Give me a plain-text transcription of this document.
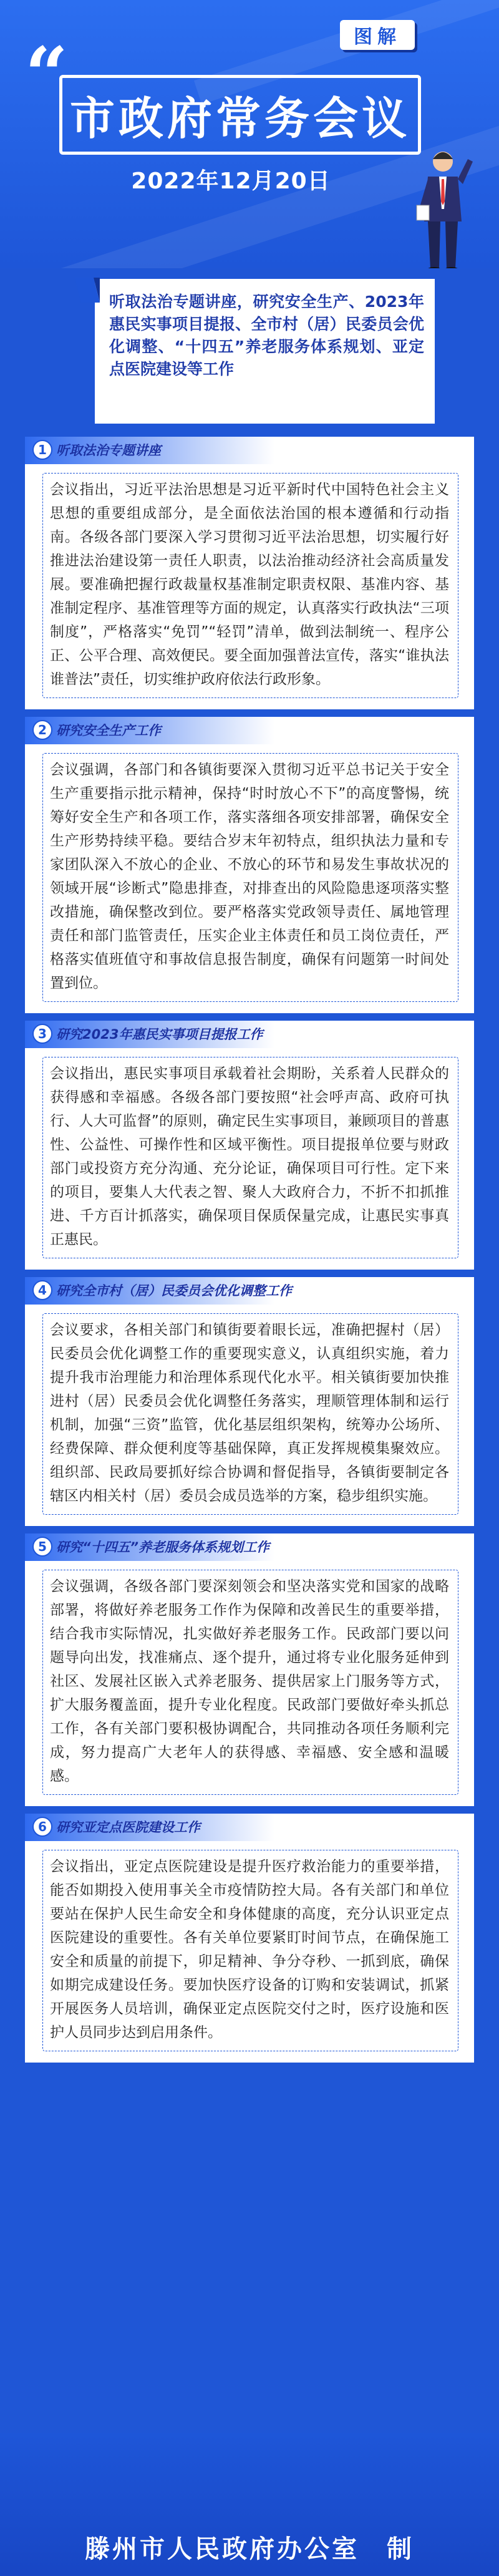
“	图解
市政府常务会议
2022年12月20日
听取法治专题讲座，研究安全生产、2023年惠民实事项目提报、全市村（居）民委员会优化调整、“十四五”养老服务体系规划、亚定点医院建设等工作
1 听取法治专题讲座
会议指出，习近平法治思想是习近平新时代中国特色社会主义思想的重要组成部分，是全面依法治国的根本遵循和行动指南。各级各部门要深入学习贯彻习近平法治思想，切实履行好推进法治建设第一责任人职责，以法治推动经济社会高质量发展。要准确把握行政裁量权基准制定职责权限、基准内容、基准制定程序、基准管理等方面的规定，认真落实行政执法“三项制度”，严格落实“免罚”“轻罚”清单，做到法制统一、程序公正、公平合理、高效便民。要全面加强普法宣传，落实“谁执法谁普法”责任，切实维护政府依法行政形象。
2 研究安全生产工作
会议强调，各部门和各镇街要深入贯彻习近平总书记关于安全生产重要指示批示精神，保持“时时放心不下”的高度警惕，统筹好安全生产和各项工作，落实落细各项安排部署，确保安全生产形势持续平稳。要结合岁末年初特点，组织执法力量和专家团队深入不放心的企业、不放心的环节和易发生事故状况的领域开展“诊断式”隐患排查，对排查出的风险隐患逐项落实整改措施，确保整改到位。要严格落实党政领导责任、属地管理责任和部门监管责任，压实企业主体责任和员工岗位责任，严格落实值班值守和事故信息报告制度，确保有问题第一时间处置到位。
3 研究2023年惠民实事项目提报工作
会议指出，惠民实事项目承载着社会期盼，关系着人民群众的获得感和幸福感。各级各部门要按照“社会呼声高、政府可执行、人大可监督”的原则，确定民生实事项目，兼顾项目的普惠性、公益性、可操作性和区域平衡性。项目提报单位要与财政部门或投资方充分沟通、充分论证，确保项目可行性。定下来的项目，要集人大代表之智、聚人大政府合力，不折不扣抓推进、千方百计抓落实，确保项目保质保量完成，让惠民实事真正惠民。
4 研究全市村（居）民委员会优化调整工作
会议要求，各相关部门和镇街要着眼长远，准确把握村（居）民委员会优化调整工作的重要现实意义，认真组织实施，着力提升我市治理能力和治理体系现代化水平。相关镇街要加快推进村（居）民委员会优化调整任务落实，理顺管理体制和运行机制，加强“三资”监管，优化基层组织架构，统筹办公场所、经费保障、群众便利度等基础保障，真正发挥规模集聚效应。组织部、民政局要抓好综合协调和督促指导，各镇街要制定各辖区内相关村（居）委员会成员选举的方案，稳步组织实施。
5 研究“十四五”养老服务体系规划工作
会议强调，各级各部门要深刻领会和坚决落实党和国家的战略部署，将做好养老服务工作作为保障和改善民生的重要举措，结合我市实际情况，扎实做好养老服务工作。民政部门要以问题导向出发，找准痛点、逐个提升，通过将专业化服务延伸到社区、发展社区嵌入式养老服务、提供居家上门服务等方式，扩大服务覆盖面，提升专业化程度。民政部门要做好牵头抓总工作，各有关部门要积极协调配合，共同推动各项任务顺利完成，努力提高广大老年人的获得感、幸福感、安全感和温暖感。
6 研究亚定点医院建设工作
会议指出，亚定点医院建设是提升医疗救治能力的重要举措，能否如期投入使用事关全市疫情防控大局。各有关部门和单位要站在保护人民生命安全和身体健康的高度，充分认识亚定点医院建设的重要性。各有关单位要紧盯时间节点，在确保施工安全和质量的前提下，卯足精神、争分夺秒、一抓到底，确保如期完成建设任务。要加快医疗设备的订购和安装调试，抓紧开展医务人员培训，确保亚定点医院交付之时，医疗设施和医护人员同步达到启用条件。
滕州市人民政府办公室　制
